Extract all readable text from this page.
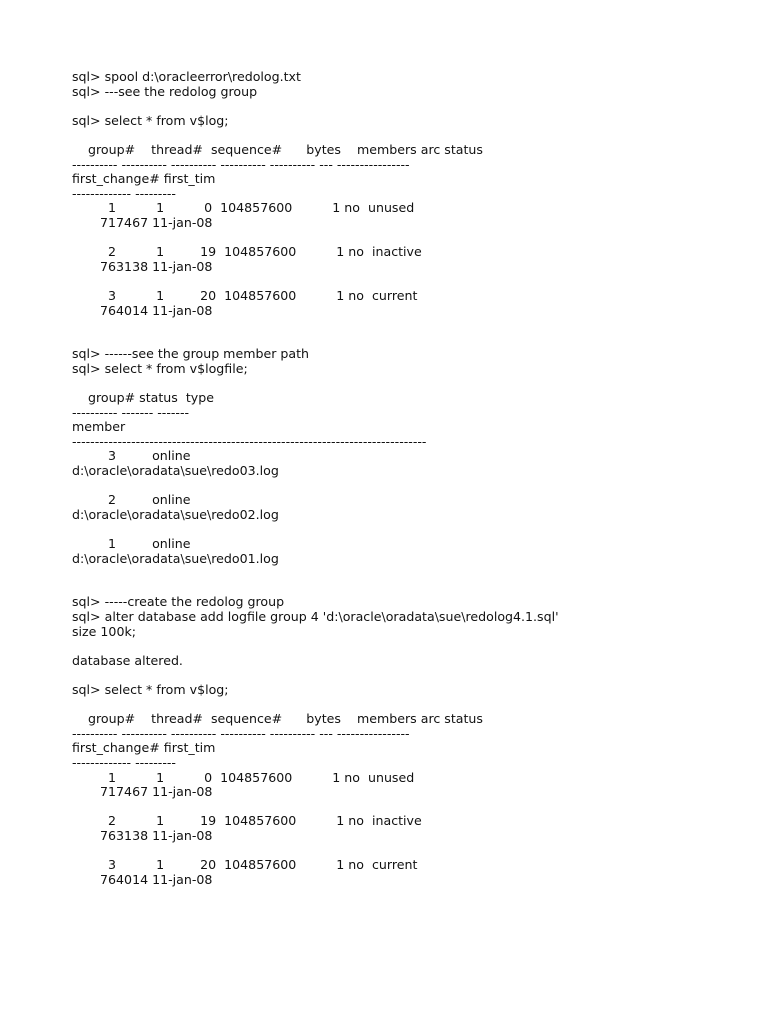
sql> spool d:\oracleerror\redolog.txt
sql> ---see the redolog group
sql> select * from v$log;
group#    thread#  sequence#      bytes    members arc status
---------- ---------- ---------- ---------- ---------- --- ----------------
first_change# first_tim
------------- ---------
1          1          0  104857600          1 no  unused
717467 11-jan-08
2          1         19  104857600          1 no  inactive
763138 11-jan-08
3          1         20  104857600          1 no  current
764014 11-jan-08
sql> ------see the group member path
sql> select * from v$logfile;
group# status  type
---------- ------- -------
member
------------------------------------------------------------------------------
3         online
d:\oracle\oradata\sue\redo03.log
2         online
d:\oracle\oradata\sue\redo02.log
1         online
d:\oracle\oradata\sue\redo01.log
sql> -----create the redolog group
sql> alter database add logfile group 4 'd:\oracle\oradata\sue\redolog4.1.sql'
size 100k;
database altered.
sql> select * from v$log;
group#    thread#  sequence#      bytes    members arc status
---------- ---------- ---------- ---------- ---------- --- ----------------
first_change# first_tim
------------- ---------
1          1          0  104857600          1 no  unused
717467 11-jan-08
2          1         19  104857600          1 no  inactive
763138 11-jan-08
3          1         20  104857600          1 no  current
764014 11-jan-08
